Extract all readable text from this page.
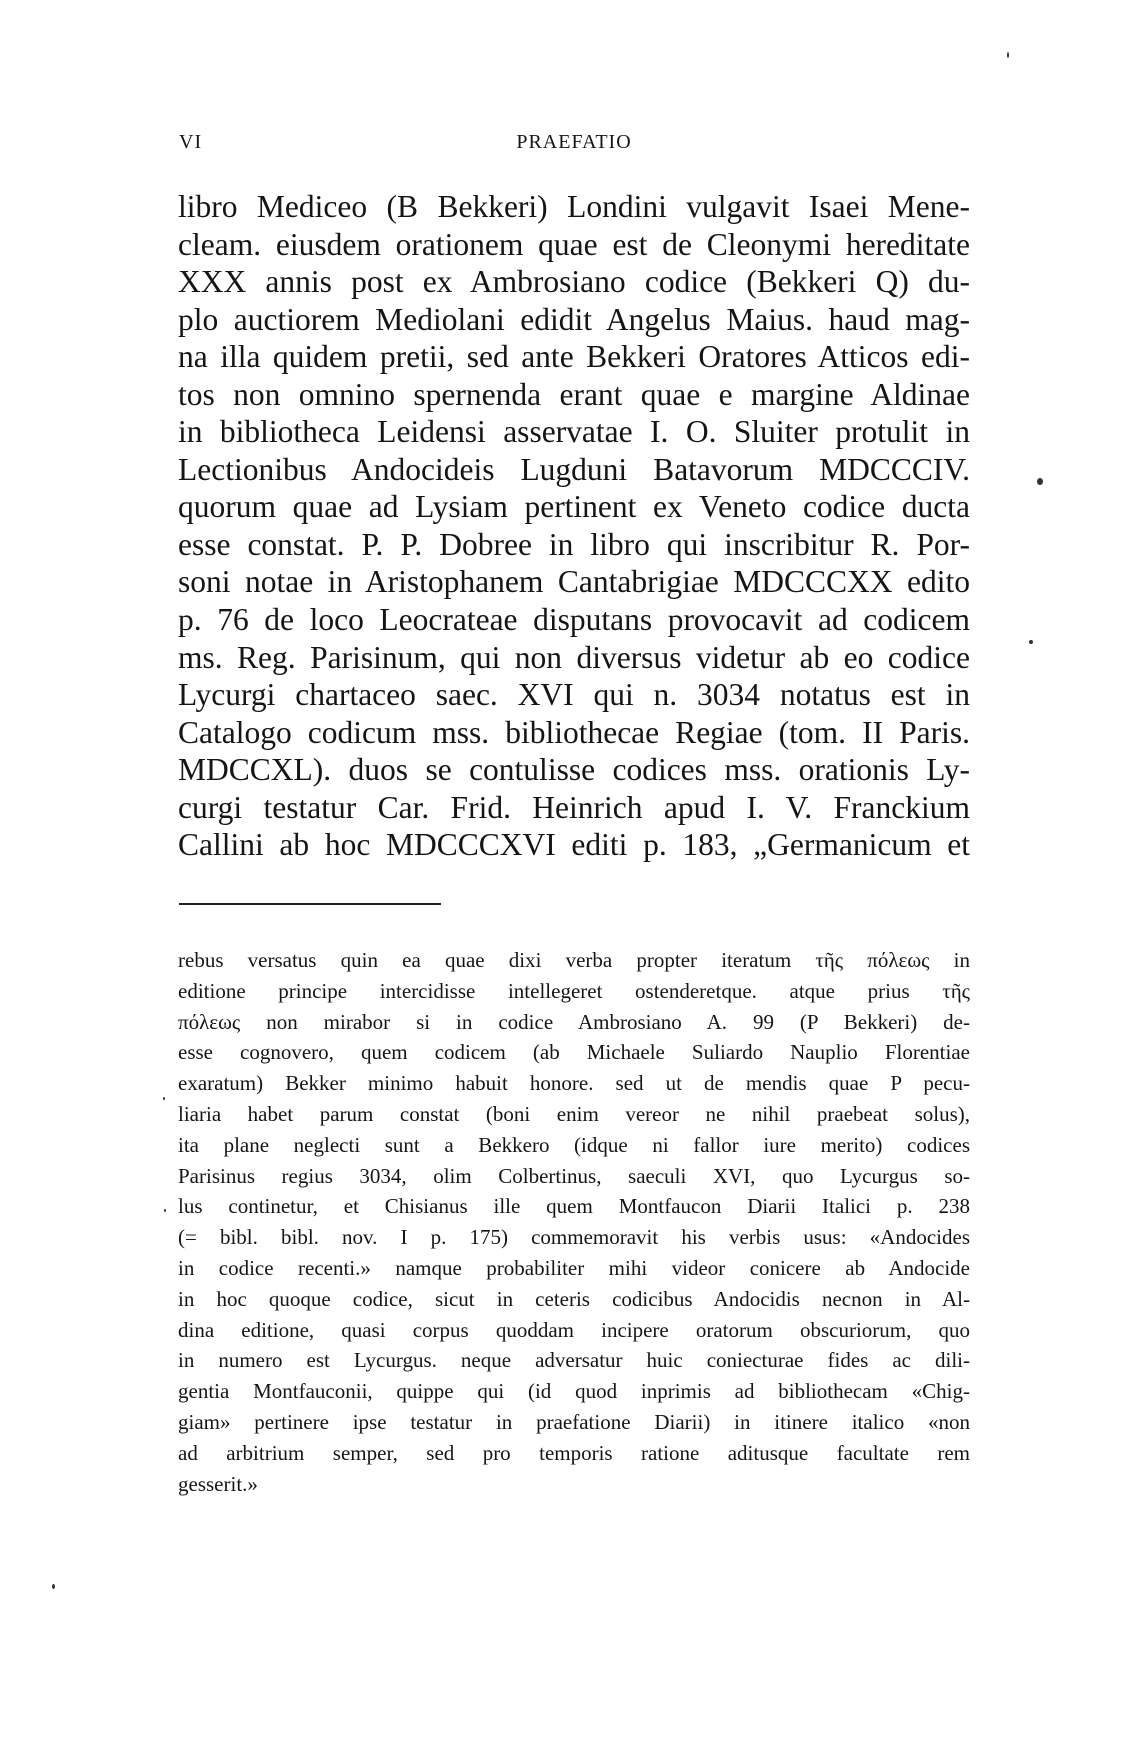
VI	PRAEFATIO
libro Mediceo (B Bekkeri) Londini vulgavit Isaei Mene-
cleam. eiusdem orationem quae est de Cleonymi hereditate
XXX annis post ex Ambrosiano codice (Bekkeri Q) du-
plo auctiorem Mediolani edidit Angelus Maius. haud mag-
na illa quidem pretii, sed ante Bekkeri Oratores Atticos edi-
tos non omnino spernenda erant quae e margine Aldinae
in bibliotheca Leidensi asservatae I. O. Sluiter protulit in
Lectionibus Andocideis Lugduni Batavorum MDCCCIV.
quorum quae ad Lysiam pertinent ex Veneto codice ducta
esse constat. P. P. Dobree in libro qui inscribitur R. Por-
soni notae in Aristophanem Cantabrigiae MDCCCXX edito
p. 76 de loco Leocrateae disputans provocavit ad codicem
ms. Reg. Parisinum, qui non diversus videtur ab eo codice
Lycurgi chartaceo saec. XVI qui n. 3034 notatus est in
Catalogo codicum mss. bibliothecae Regiae (tom. II Paris.
MDCCXL). duos se contulisse codices mss. orationis Ly-
curgi testatur Car. Frid. Heinrich apud I. V. Franckium
Callini ab hoc MDCCCXVI editi p. 183, „Germanicum et
rebus versatus quin ea quae dixi verba propter iteratum τῆς πόλεως in
editione principe intercidisse intellegeret ostenderetque. atque prius τῆς
πόλεως non mirabor si in codice Ambrosiano A. 99 (P Bekkeri) de-
esse cognovero, quem codicem (ab Michaele Suliardo Nauplio Florentiae
exaratum) Bekker minimo habuit honore. sed ut de mendis quae P pecu-
liaria habet parum constat (boni enim vereor ne nihil praebeat solus),
ita plane neglecti sunt a Bekkero (idque ni fallor iure merito) codices
Parisinus regius 3034, olim Colbertinus, saeculi XVI, quo Lycurgus so-
lus continetur, et Chisianus ille quem Montfaucon Diarii Italici p. 238
(= bibl. bibl. nov. I p. 175) commemoravit his verbis usus: «Andocides
in codice recenti.» namque probabiliter mihi videor conicere ab Andocide
in hoc quoque codice, sicut in ceteris codicibus Andocidis necnon in Al-
dina editione, quasi corpus quoddam incipere oratorum obscuriorum, quo
in numero est Lycurgus. neque adversatur huic coniecturae fides ac dili-
gentia Montfauconii, quippe qui (id quod inprimis ad bibliothecam «Chig-
giam» pertinere ipse testatur in praefatione Diarii) in itinere italico «non
ad arbitrium semper, sed pro temporis ratione aditusque facultate rem
gesserit.»
